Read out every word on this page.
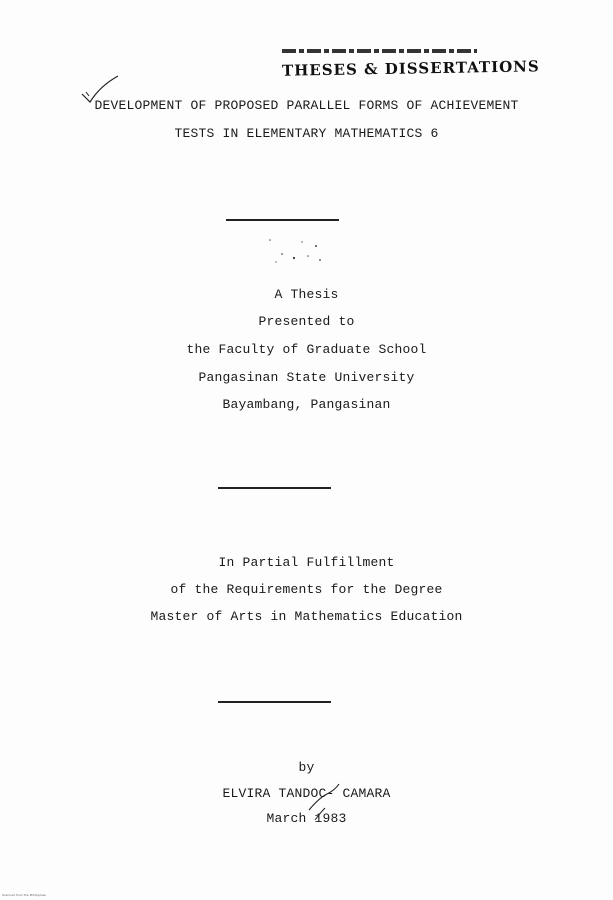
THESES & DISSERTATIONS
DEVELOPMENT OF PROPOSED PARALLEL FORMS OF ACHIEVEMENT
TESTS IN ELEMENTARY MATHEMATICS 6
A Thesis
Presented to
the Faculty of Graduate School
Pangasinan State University
Bayambang, Pangasinan
In Partial Fulfillment
of the Requirements for the Degree
Master of Arts in Mathematics Education
by
ELVIRA TANDOC- CAMARA
March 1983
Scanned from the Philippines
